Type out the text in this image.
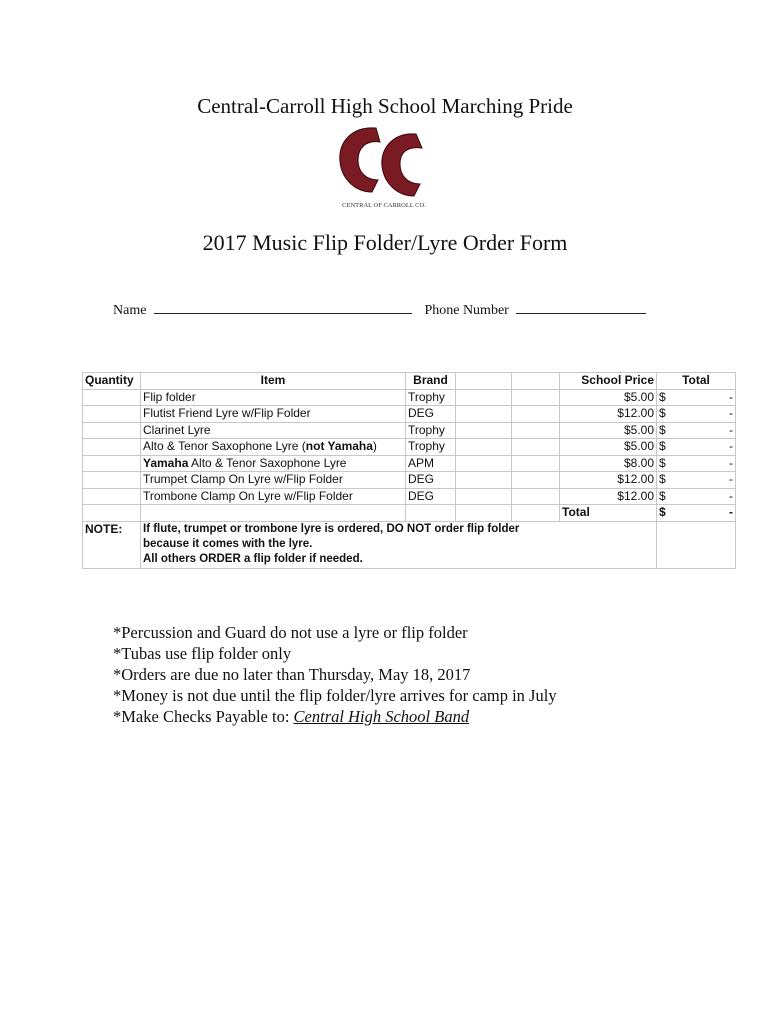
Central-Carroll High School Marching Pride
CENTRAL OF CARROLL CO.
2017 Music Flip Folder/Lyre Order Form
Name	Phone Number
Quantity	Item	Brand			School Price	Total
	Flip folder	Trophy			$5.00	$ -

	Flutist Friend Lyre w/Flip Folder	DEG			$12.00	$ -

	Clarinet Lyre	Trophy			$5.00	$ -

	Alto & Tenor Saxophone Lyre (not Yamaha)	Trophy			$5.00	$ -

	Yamaha Alto & Tenor Saxophone Lyre	APM			$8.00	$ -

	Trumpet Clamp On Lyre w/Flip Folder	DEG			$12.00	$ -

	Trombone Clamp On Lyre w/Flip Folder	DEG			$12.00	$ -

					Total	$ -

NOTE:	If flute, trumpet or trombone lyre is ordered, DO NOT order flip folder
because it comes with the lyre.
All others ORDER a flip folder if needed.					

*Percussion and Guard do not use a lyre or flip folder
*Tubas use flip folder only
*Orders are due no later than Thursday, May 18, 2017
*Money is not due until the flip folder/lyre arrives for camp in July
*Make Checks Payable to: Central High School Band
